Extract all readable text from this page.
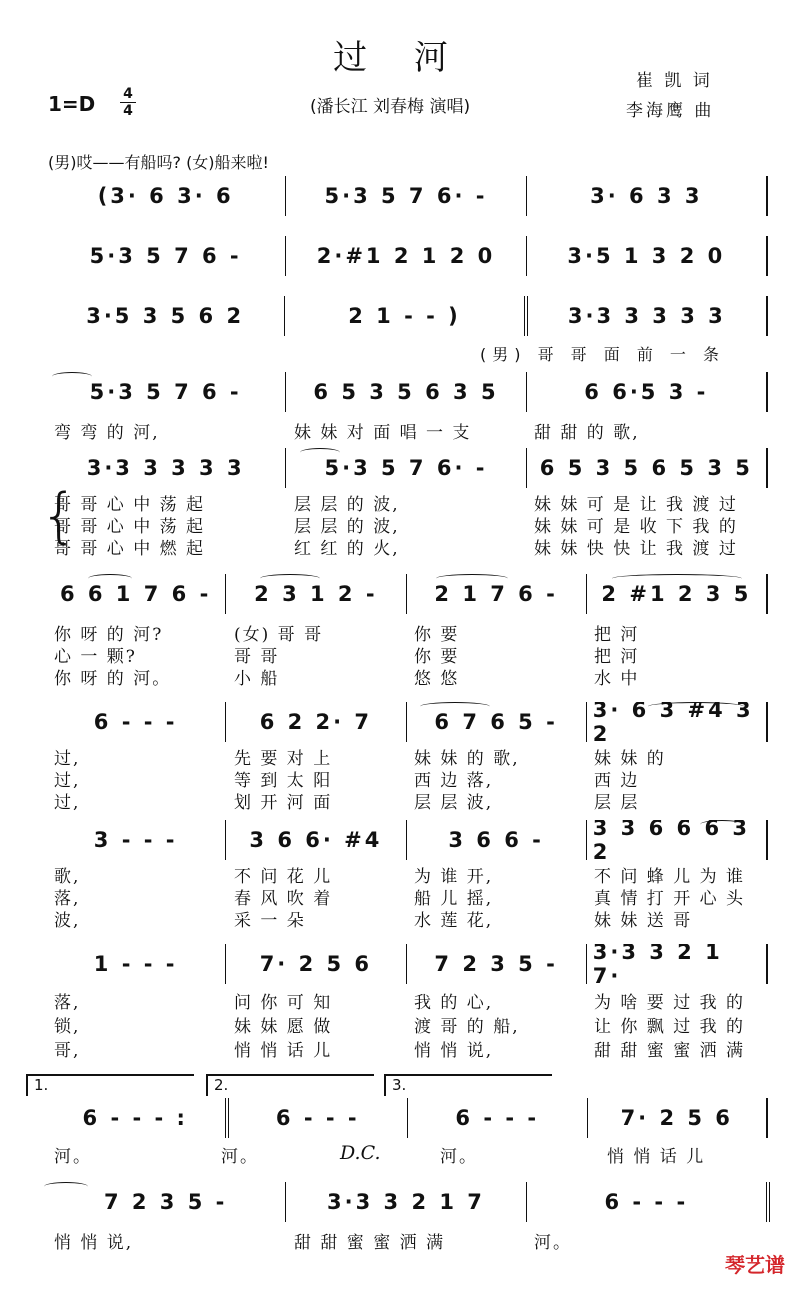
过 河
1=D	4
4	(潘长江 刘春梅 演唱)
崔 凯 词
李海鹰 曲
(男)哎——有船吗? (女)船来啦!
(3· 6 3· 6	5·3 5 7 6· -	3· 6 3 3
5·3 5 7 6 -	2·#1 2 1 2 0	3·5 1 3 2 0
3·5 3 5 6 2	2 1 - - )	3·3 3 3 3 3
(男) 哥 哥 面 前 一 条
5·3 5 7 6 -	6 5 3 5 6 3 5	6 6·5 3 -
弯 弯 的 河,	妹 妹 对 面 唱 一 支	甜 甜 的 歌,
3·3 3 3 3 3	5·3 5 7 6· -	6 5 3 5 6 5 3 5
{
哥 哥 心 中 荡 起	层 层 的 波,	妹 妹 可 是 让 我 渡 过
哥 哥 心 中 荡 起	层 层 的 波,	妹 妹 可 是 收 下 我 的
哥 哥 心 中 燃 起	红 红 的 火,	妹 妹 快 快 让 我 渡 过
6 6 1 7 6 -	2 3 1 2 -	2 1 7 6 -	2 #1 2 3 5
你 呀 的 河?	(女) 哥 哥	你 要	把 河
心 一 颗?	哥 哥	你 要	把 河
你 呀 的 河。	小 船	悠 悠	水 中
6 - - -	6 2 2· 7	6 7 6 5 -	3· 6 3 #4 3 2
过,	先 要 对 上	妹 妹 的 歌,	妹 妹 的
过,	等 到 太 阳	西 边 落,	西 边
过,	划 开 河 面	层 层 波,	层 层
3 - - -	3 6 6· #4	3 6 6 -	3 3 6 6 6 3 2
歌,	不 问 花 儿	为 谁 开,	不 问 蜂 儿 为 谁
落,	春 风 吹 着	船 儿 摇,	真 情 打 开 心 头
波,	采 一 朵	水 莲 花,	妹 妹 送 哥
1 - - -	7· 2 5 6	7 2 3 5 -	3·3 3 2 1 7·
落,	问 你 可 知	我 的 心,	为 啥 要 过 我 的
锁,	妹 妹 愿 做	渡 哥 的 船,	让 你 飘 过 我 的
哥,	悄 悄 话 儿	悄 悄 说,	甜 甜 蜜 蜜 洒 满
1.	2.	3.
6 - - - :	6 - - -	6 - - -	7· 2 5 6
河。	河。	河。	悄 悄 话 儿
D.C.
7 2 3 5 -	3·3 3 2 1 7	6 - - -
悄 悄 说,	甜 甜 蜜 蜜 洒 满	河。
琴艺谱
